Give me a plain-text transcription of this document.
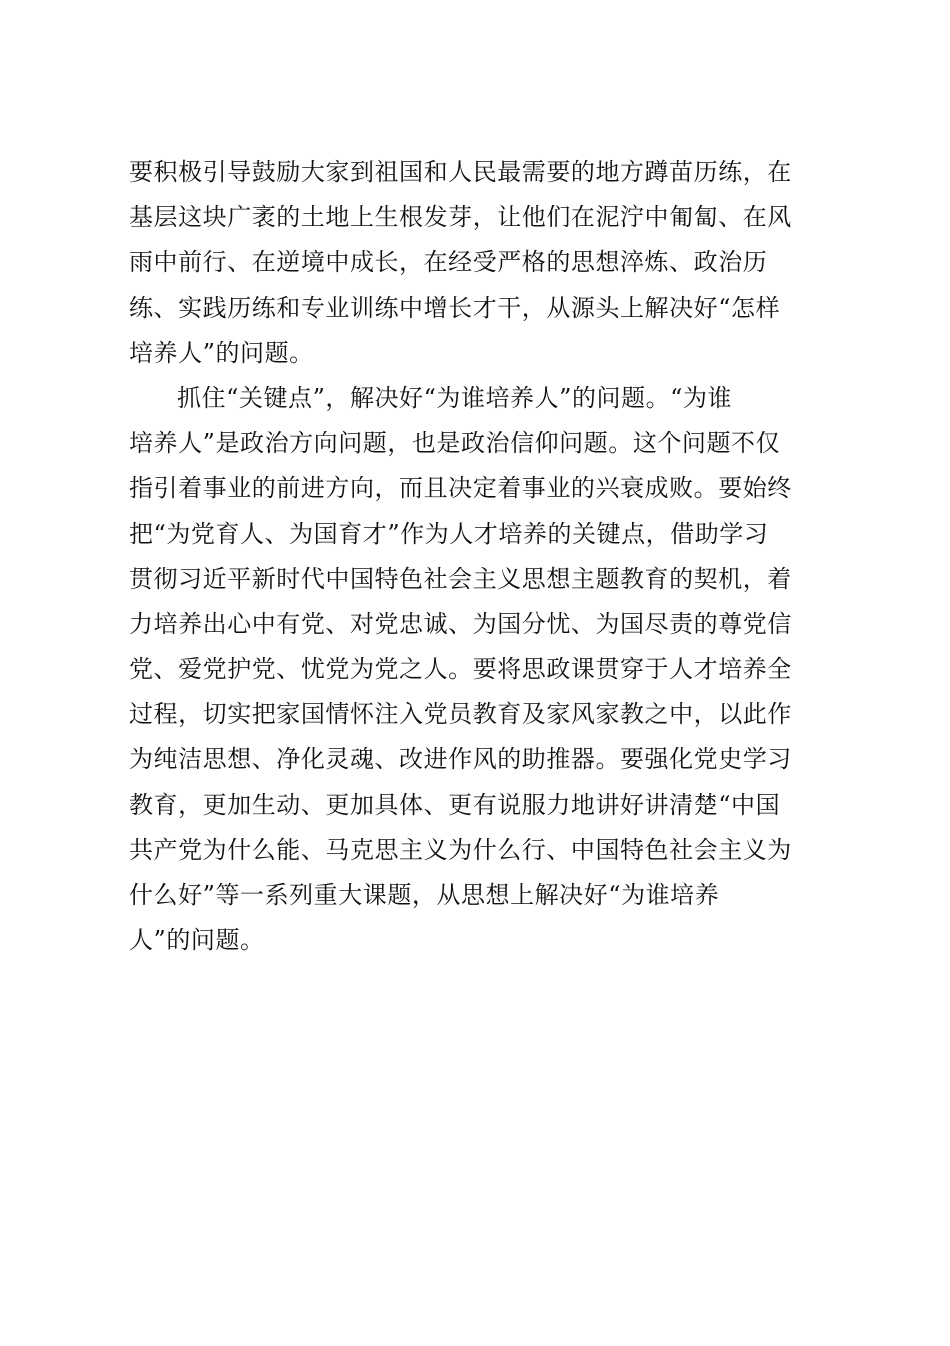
要积极引导鼓励大家到祖国和人民最需要的地方蹲苗历练，在
基层这块广袤的土地上生根发芽，让他们在泥泞中匍匐、在风
雨中前行、在逆境中成长，在经受严格的思想淬炼、政治历
练、实践历练和专业训练中增长才干，从源头上解决好“怎样
培养人”的问题。
抓住“关键点”，解决好“为谁培养人”的问题。“为谁
培养人”是政治方向问题，也是政治信仰问题。这个问题不仅
指引着事业的前进方向，而且决定着事业的兴衰成败。要始终
把“为党育人、为国育才”作为人才培养的关键点，借助学习
贯彻习近平新时代中国特色社会主义思想主题教育的契机，着
力培养出心中有党、对党忠诚、为国分忧、为国尽责的尊党信
党、爱党护党、忧党为党之人。要将思政课贯穿于人才培养全
过程，切实把家国情怀注入党员教育及家风家教之中，以此作
为纯洁思想、净化灵魂、改进作风的助推器。要强化党史学习
教育，更加生动、更加具体、更有说服力地讲好讲清楚“中国
共产党为什么能、马克思主义为什么行、中国特色社会主义为
什么好”等一系列重大课题，从思想上解决好“为谁培养
人”的问题。
